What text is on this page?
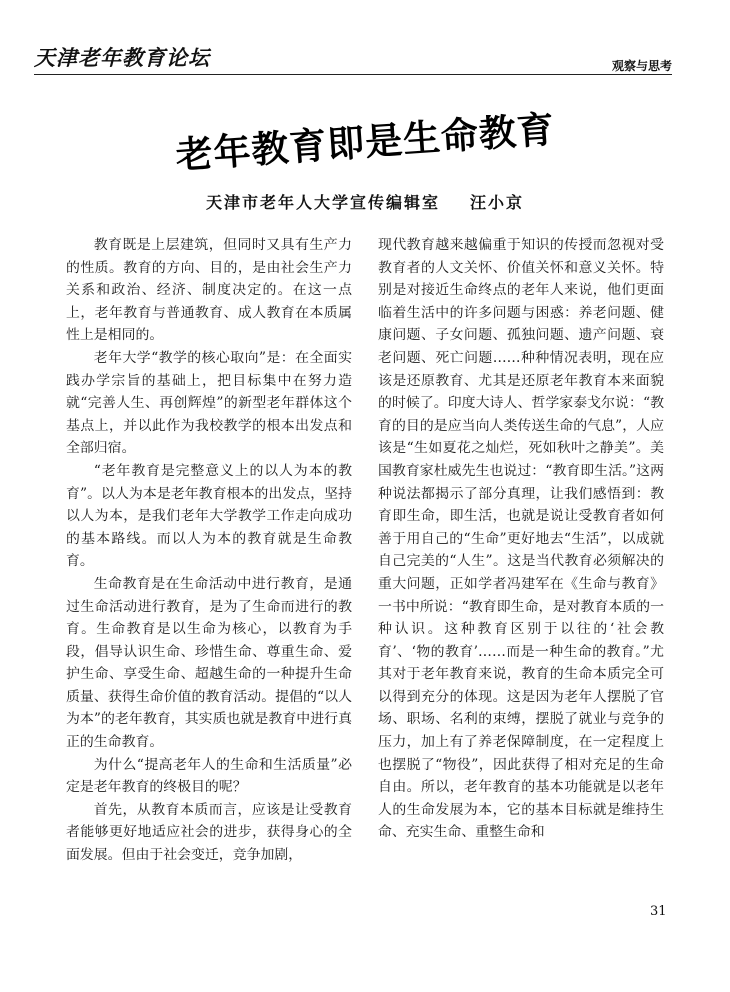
天津老年教育论坛	观察与思考
老年教育即是生命教育
天津市老年人大学宣传编辑室 汪小京

教育既是上层建筑，但同时又具有生产力的性质。教育的方向、目的，是由社会生产力关系和政治、经济、制度决定的。在这一点上，老年教育与普通教育、成人教育在本质属性上是相同的。

老年大学“教学的核心取向”是：在全面实践办学宗旨的基础上，把目标集中在努力造就“完善人生、再创辉煌”的新型老年群体这个基点上，并以此作为我校教学的根本出发点和全部归宿。

“老年教育是完整意义上的以人为本的教育”。以人为本是老年教育根本的出发点，坚持以人为本，是我们老年大学教学工作走向成功的基本路线。而以人为本的教育就是生命教育。

生命教育是在生命活动中进行教育，是通过生命活动进行教育，是为了生命而进行的教育。生命教育是以生命为核心，以教育为手段，倡导认识生命、珍惜生命、尊重生命、爱护生命、享受生命、超越生命的一种提升生命质量、获得生命价值的教育活动。提倡的“以人为本”的老年教育，其实质也就是教育中进行真正的生命教育。

为什么“提高老年人的生命和生活质量”必定是老年教育的终极目的呢？

首先，从教育本质而言，应该是让受教育者能够更好地适应社会的进步，获得身心的全面发展。但由于社会变迁，竞争加剧，

现代教育越来越偏重于知识的传授而忽视对受教育者的人文关怀、价值关怀和意义关怀。特别是对接近生命终点的老年人来说，他们更面临着生活中的许多问题与困惑：养老问题、健康问题、子女问题、孤独问题、遗产问题、衰老问题、死亡问题……种种情况表明，现在应该是还原教育、尤其是还原老年教育本来面貌的时候了。印度大诗人、哲学家泰戈尔说：“教育的目的是应当向人类传送生命的气息”，人应该是“生如夏花之灿烂，死如秋叶之静美”。美国教育家杜威先生也说过：“教育即生活。”这两种说法都揭示了部分真理，让我们感悟到：教育即生命，即生活，也就是说让受教育者如何善于用自己的“生命”更好地去“生活”，以成就自己完美的“人生”。这是当代教育必须解决的重大问题，正如学者冯建军在《生命与教育》一书中所说：“教育即生命，是对教育本质的一种认识。这种教育区别于以往的‘社会教育’、‘物的教育’……而是一种生命的教育。”尤其对于老年教育来说，教育的生命本质完全可以得到充分的体现。这是因为老年人摆脱了官场、职场、名利的束缚，摆脱了就业与竞争的压力，加上有了养老保障制度，在一定程度上也摆脱了“物役”，因此获得了相对充足的生命自由。所以，老年教育的基本功能就是以老年人的生命发展为本，它的基本目标就是维持生命、充实生命、重整生命和

31
